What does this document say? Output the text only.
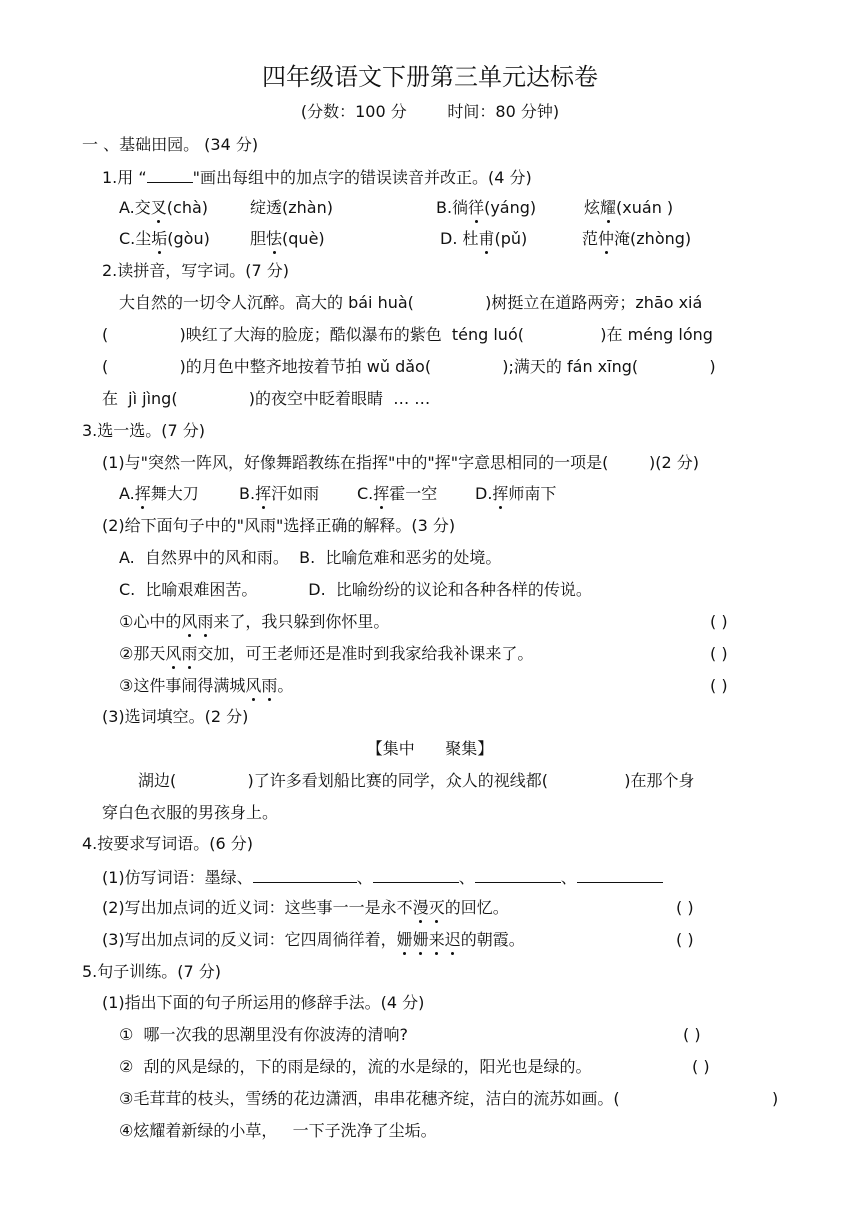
四年级语文下册第三单元达标卷
(分数：100 分        时间：80 分钟)
一 、基础田园。 (34 分)
1.用 “	"画出每组中的加点字的错误读音并改正。(4 分)
A.交叉(chà)	绽透(zhàn)	B.徜徉(yáng)	炫耀(xuán )
C.尘垢(gòu)	胆怯(què)	D. 杜甫(pǔ)	范仲淹(zhòng)
2.读拼音，写字词。(7 分)
大自然的一切令人沉醉。高大的 bái huà(              )树挺立在道路两旁；zhāo xiá
(              )映红了大海的脸庞；酷似瀑布的紫色  téng luó(               )在 méng lóng
(              )的月色中整齐地按着节拍 wǔ dǎo(              );满天的 fán xīng(              )
在  jì jìng(              )的夜空中眨着眼睛  … …
3.选一选。(7 分)
(1)与"突然一阵风，好像舞蹈教练在指挥"中的"挥"字意思相同的一项是(        )(2 分)
A.挥舞大刀	B.挥汗如雨 C.挥霍一空 D.挥师南下
(2)给下面句子中的"风雨"选择正确的解释。(3 分)
A.  自然界中的风和雨。  B.  比喻危难和恶劣的处境。
C.  比喻艰难困苦。          D.  比喻纷纷的议论和各种各样的传说。
①心中的风雨来了，我只躲到你怀里。	( )
②那天风雨交加，可王老师还是准时到我家给我补课来了。	( )
③这件事闹得满城风雨。	( )
(3)选词填空。(2 分)
【集中      聚集】
湖边(              )了许多看划船比赛的同学，众人的视线都(               )在那个身
穿白色衣服的男孩身上。
4.按要求写词语。(6 分)
(1)仿写词语：墨绿、	、	、	、
(2)写出加点词的近义词：这些事一一是永不漫灭的回忆。	( )
(3)写出加点词的反义词：它四周徜徉着，姗姗来迟的朝霞。	( )
5.句子训练。(7 分)
(1)指出下面的句子所运用的修辞手法。(4 分)
①  哪一次我的思潮里没有你波涛的清响?	( )
②  刮的风是绿的，下的雨是绿的，流的水是绿的，阳光也是绿的。	( )
③毛茸茸的枝头，雪绣的花边潇洒，串串花穗齐绽，洁白的流苏如画。(	)
④炫耀着新绿的小草，   一下子洗净了尘垢。
